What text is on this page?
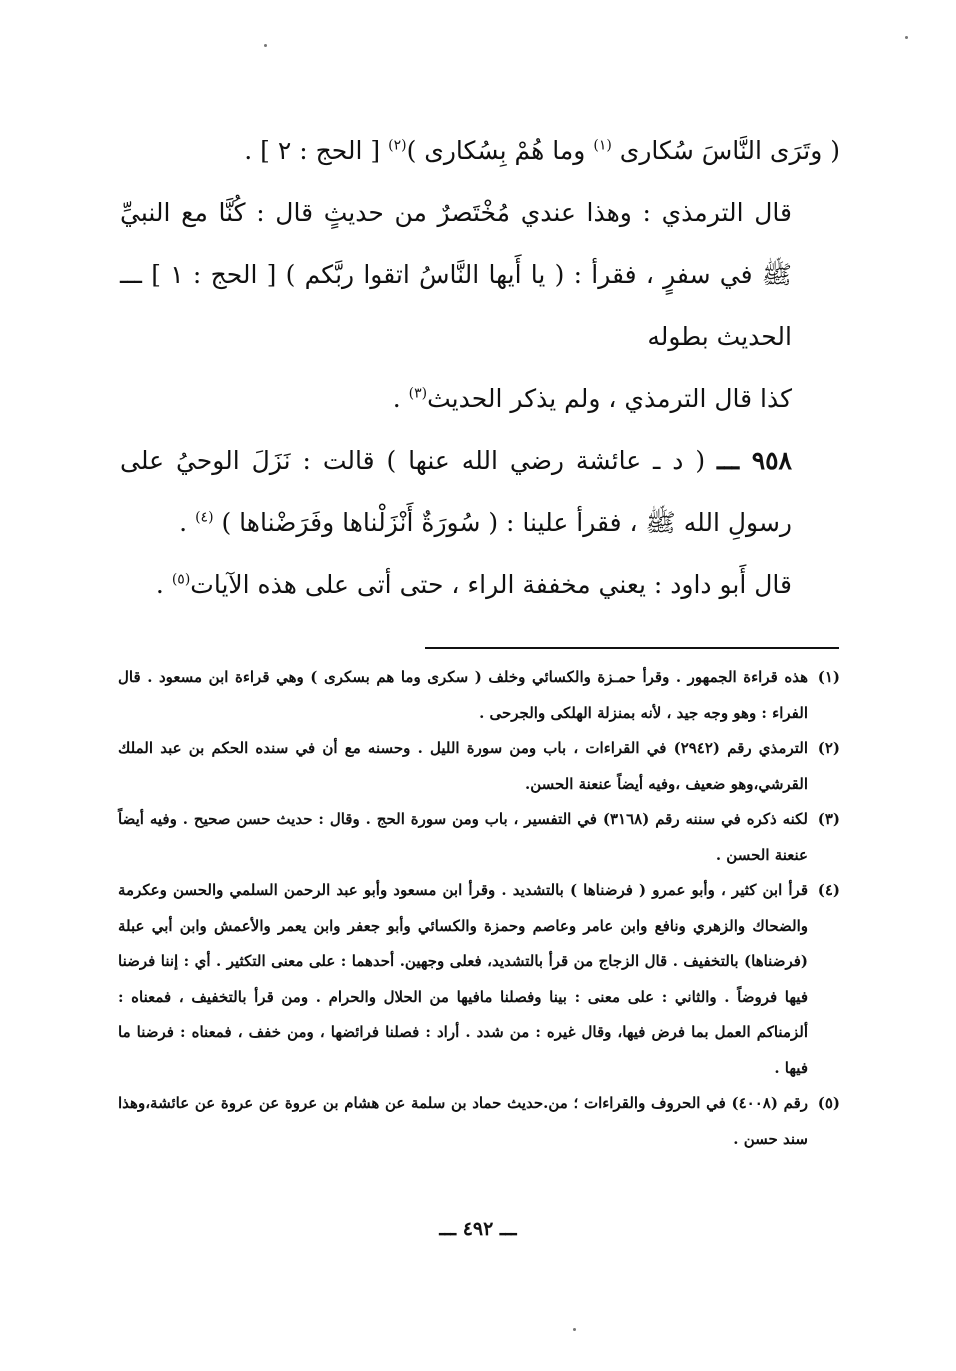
( وتَرَى النَّاسَ سُكارى $^{(١)}$ وما هُمْ بِسُكارى )$^{(٢)}$ [ الحج : ٢ ] .

قال الترمذي : وهذا عندي مُخْتَصرٌ من حديثٍ قال : كُنَّا مع النبيِّ ﷺ في سفرٍ ، فقرأ : ( يا أَيها النَّاسُ اتقوا ربَّكم ) [ الحج : ١ ] ـــ الحديث بطوله

كذا قال الترمذي ، ولم يذكر الحديث$^{(٣)}$ .

٩٥٨ ـــ ( د ـ عائشة رضي الله عنها ) قالت : نَزَلَ الوحيُ على رسولِ الله ﷺ ، فقرأ علينا : ( سُورَةٌ أَنْزَلْناها وفَرَضْناها ) $^{(٤)}$ .

قال أَبو داود : يعني مخففة الراء ، حتى أتى على هذه الآيات$^{(٥)}$ .

(١)
هذه قراءة الجمهور . وقرأ حمـزة والكسائي وخلف ( سكرى وما هم بسكرى ) وهي قراءة ابن مسعود . قال الفراء : وهو وجه جيد ، لأنه بمنزلة الهلكى والجرحى .
(٢)
الترمذي رقم (٢٩٤٢) في القراءات ، باب ومن سورة الليل . وحسنه مع أن في سنده الحكم بن عبد الملك القرشي،وهو ضعيف ،وفيه أيضاً عنعنة الحسن.
(٣)
لكنه ذكره في سننه رقم (٣١٦٨) في التفسير ، باب ومن سورة الحج . وقال : حديث حسن صحيح . وفيه أيضاً عنعنة الحسن .
(٤)
قرأ ابن كثير ، وأبو عمرو ( فرضناها ) بالتشديد . وقرأ ابن مسعود وأبو عبد الرحمن السلمي والحسن وعكرمة والضحاك والزهري ونافع وابن عامر وعاصم وحمزة والكسائي وأبو جعفر وابن يعمر والأعمش وابن أبي عبلة (فرضناها) بالتخفيف . قال الزجاج من قرأ بالتشديد، فعلى وجهين. أحدهما : على معنى التكثير . أي : إننا فرضنا فيها فروضاً . والثاني : على معنى : بينا وفصلنا مافيها من الحلال والحرام . ومن قرأ بالتخفيف ، فمعناه : ألزمناكم العمل بما فرض فيها، وقال غيره : من شدد . أراد : فصلنا فرائضها ، ومن خفف ، فمعناه : فرضنا ما فيها .
(٥)
رقم (٤٠٠٨) في الحروف والقراءات ؛ من.حديث حماد بن سلمة عن هشام بن عروة عن عروة عن عائشة،وهذا سند حسن .
ـــ ٤٩٢ ـــ
